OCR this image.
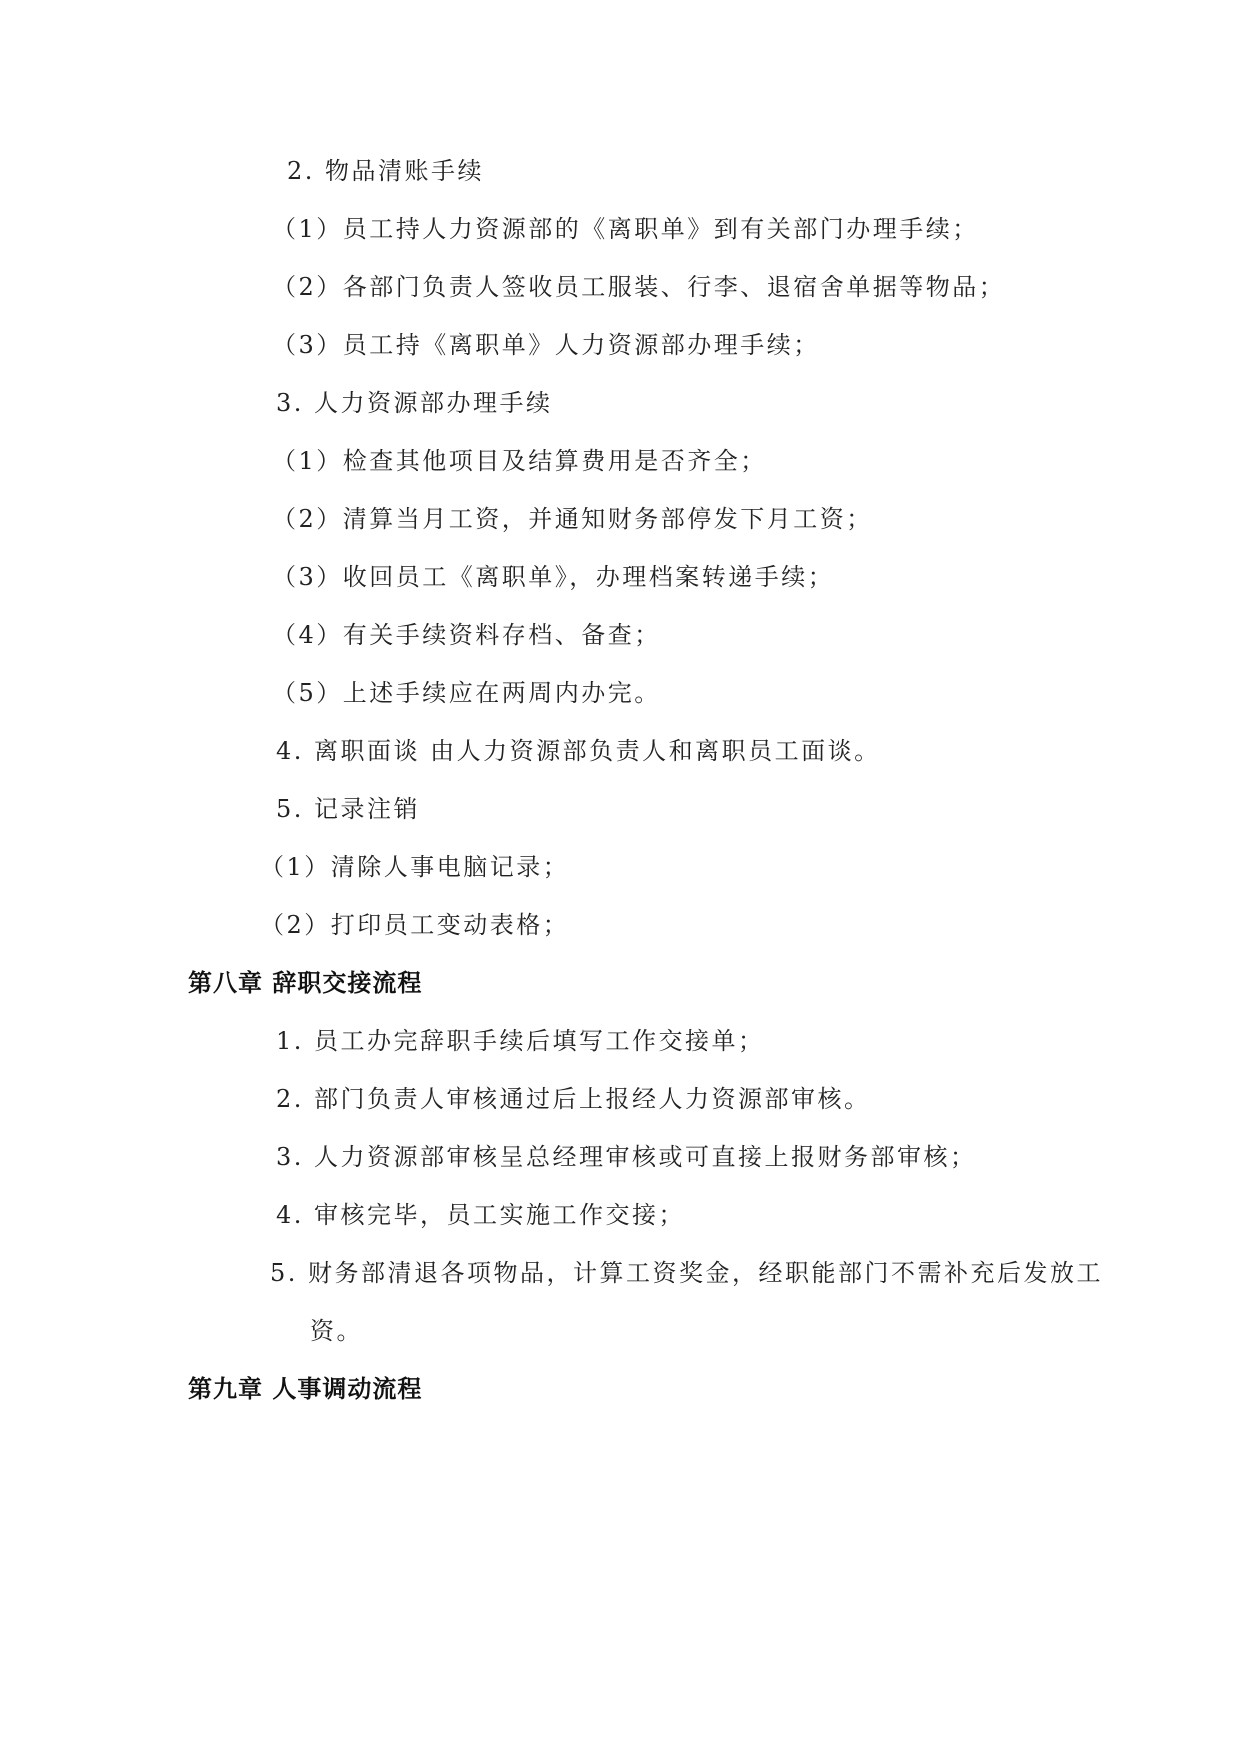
2. 物品清账手续
（1）员工持人力资源部的《离职单》到有关部门办理手续；
（2）各部门负责人签收员工服装、行李、退宿舍单据等物品；
（3）员工持《离职单》人力资源部办理手续；
3. 人力资源部办理手续
（1）检查其他项目及结算费用是否齐全；
（2）清算当月工资，并通知财务部停发下月工资；
（3）收回员工《离职单》，办理档案转递手续；
（4）有关手续资料存档、备查；
（5）上述手续应在两周内办完。
4. 离职面谈 由人力资源部负责人和离职员工面谈。
5. 记录注销
（1）清除人事电脑记录；
（2）打印员工变动表格；
第八章 辞职交接流程
1. 员工办完辞职手续后填写工作交接单；
2. 部门负责人审核通过后上报经人力资源部审核。
3. 人力资源部审核呈总经理审核或可直接上报财务部审核；
4. 审核完毕，员工实施工作交接；
5. 财务部清退各项物品，计算工资奖金，经职能部门不需补充后发放工
资。
第九章 人事调动流程
